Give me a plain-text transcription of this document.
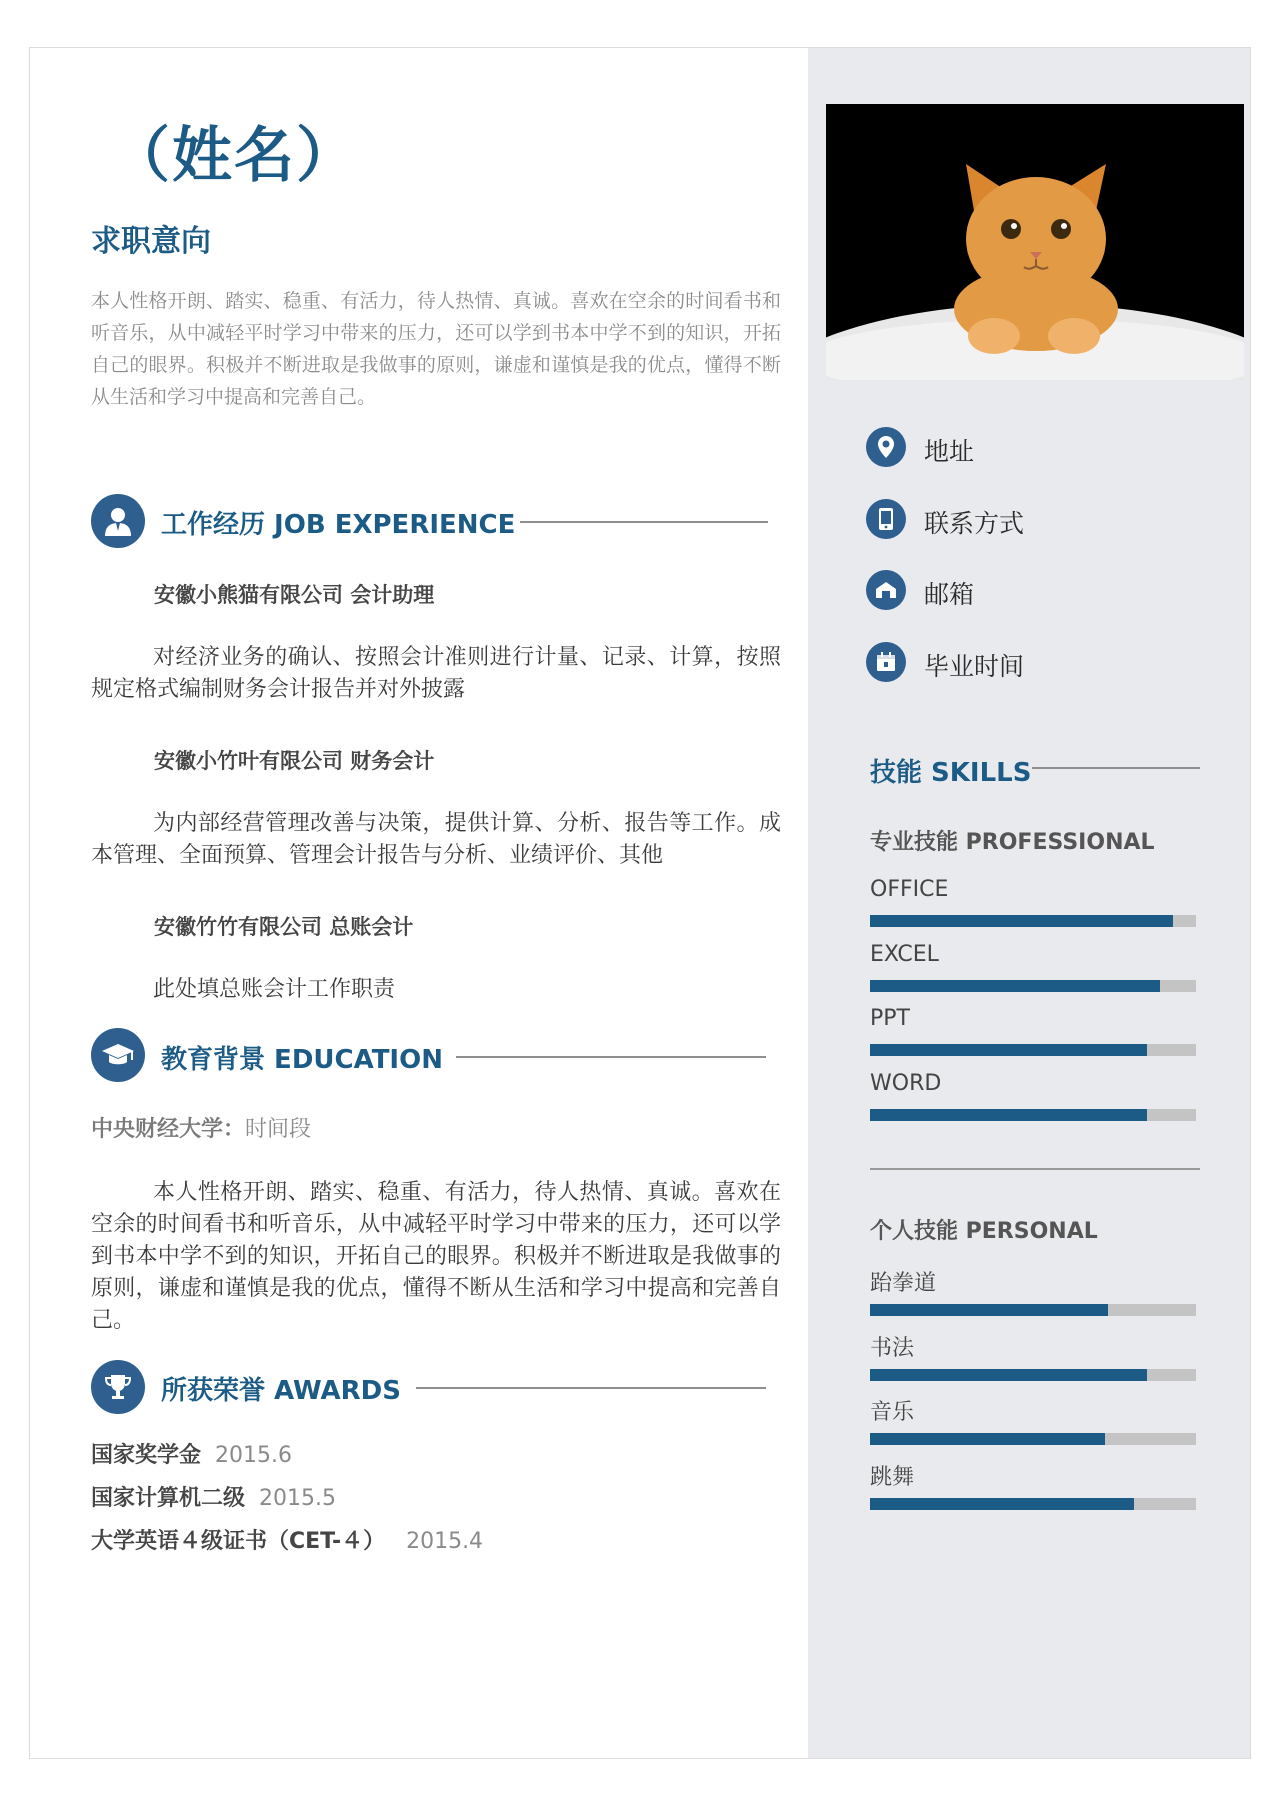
（姓名）
求职意向
本人性格开朗、踏实、稳重、有活力，待人热情、真诚。喜欢在空余的时间看书和听音乐，从中减轻平时学习中带来的压力，还可以学到书本中学不到的知识，开拓自己的眼界。积极并不断进取是我做事的原则，谦虚和谨慎是我的优点，懂得不断从生活和学习中提高和完善自己。
工作经历 JOB EXPERIENCE
安徽小熊猫有限公司 会计助理
对经济业务的确认、按照会计准则进行计量、记录、计算，按照规定格式编制财务会计报告并对外披露
安徽小竹叶有限公司 财务会计
为内部经营管理改善与决策，提供计算、分析、报告等工作。成本管理、全面预算、管理会计报告与分析、业绩评价、其他
安徽竹竹有限公司 总账会计
此处填总账会计工作职责
教育背景 EDUCATION
中央财经大学：时间段
本人性格开朗、踏实、稳重、有活力，待人热情、真诚。喜欢在空余的时间看书和听音乐，从中减轻平时学习中带来的压力，还可以学到书本中学不到的知识，开拓自己的眼界。积极并不断进取是我做事的原则，谦虚和谨慎是我的优点，懂得不断从生活和学习中提高和完善自己。
所获荣誉 AWARDS
国家奖学金 2015.6
国家计算机二级 2015.5
大学英语４级证书（CET-４） 2015.4
地址
联系方式
邮箱
毕业时间
技能 SKILLS
专业技能 PROFESSIONAL
OFFICE
EXCEL
PPT
WORD
个人技能 PERSONAL
跆拳道
书法
音乐
跳舞
